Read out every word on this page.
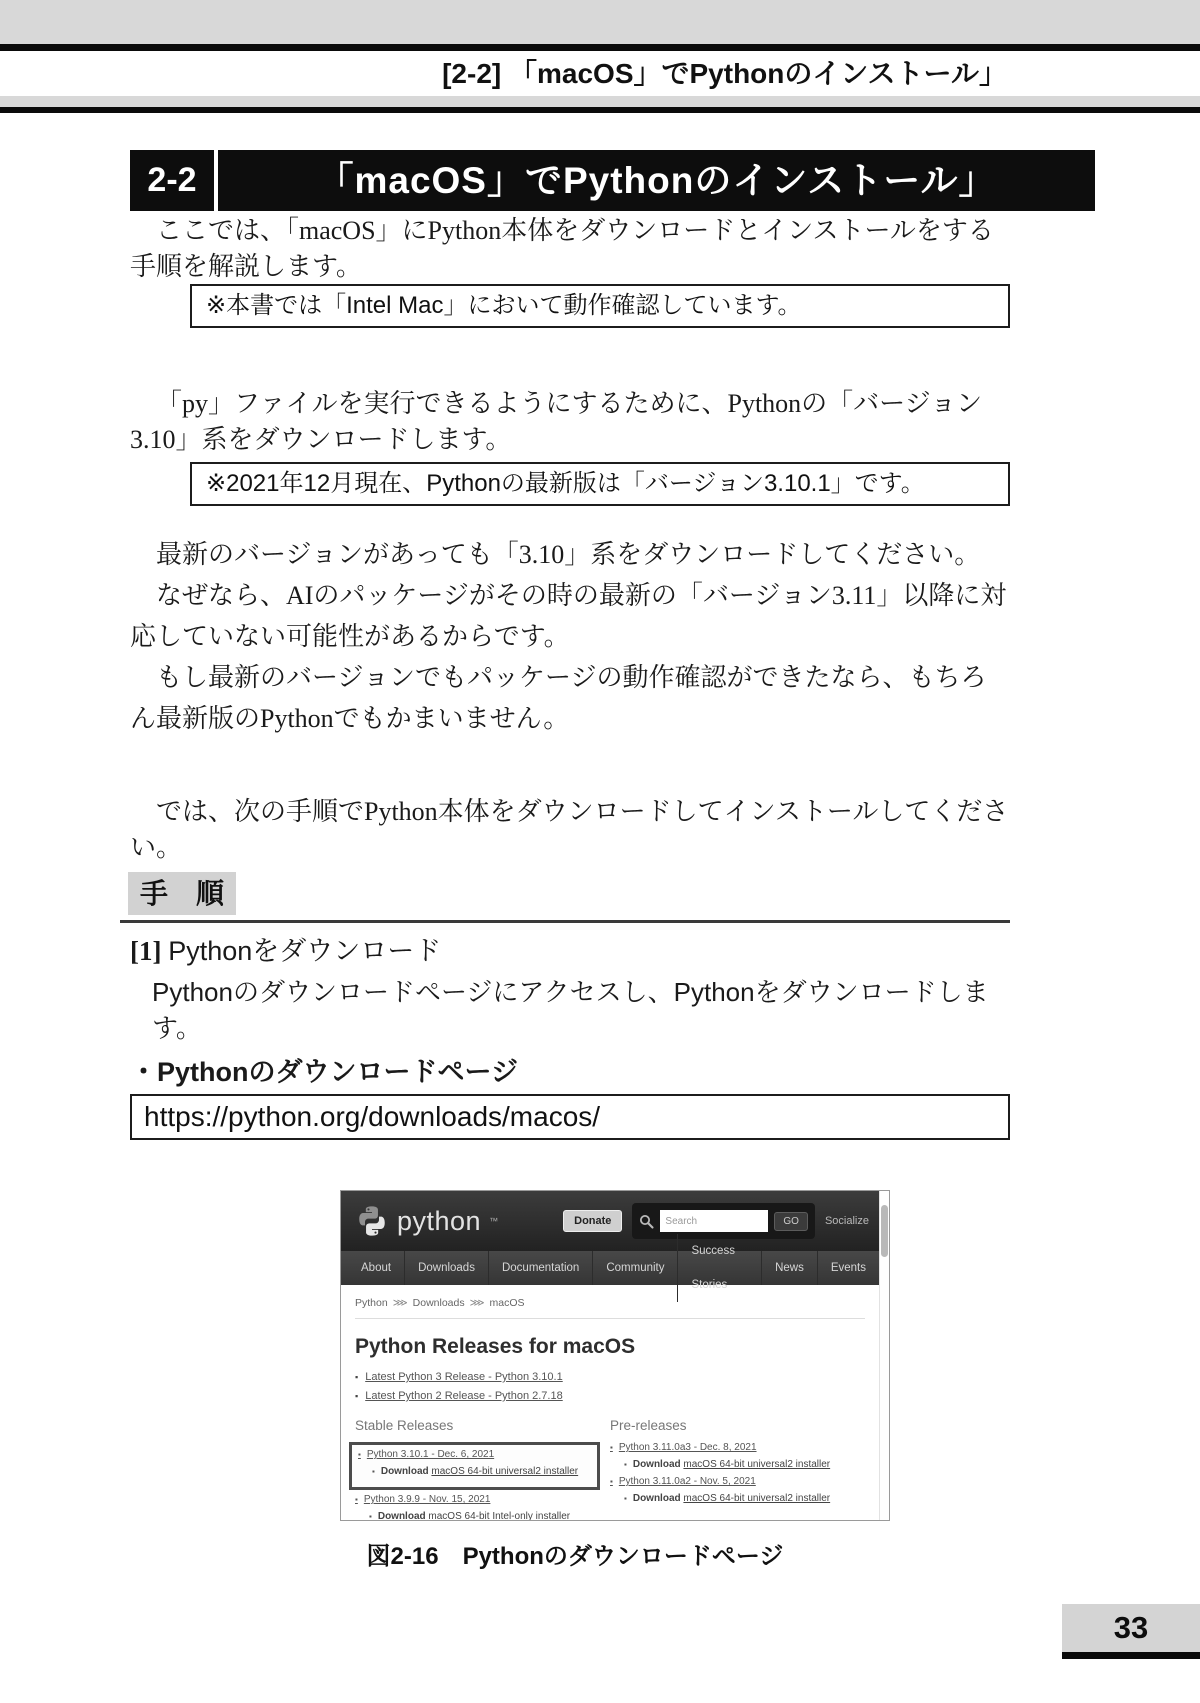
[2-2] 「macOS」でPythonのインストール」
2-2	「macOS」でPythonのインストール」
ここでは、「macOS」にPython本体をダウンロードとインストールをする手順を解説します。
※本書では「Intel Mac」において動作確認しています。
「py」ファイルを実行できるようにするために、Pythonの「バージョン3.10」系をダウンロードします。
※2021年12月現在、Pythonの最新版は「バージョン3.10.1」です。

最新のバージョンがあっても「3.10」系をダウンロードしてください。

なぜなら、AIのパッケージがその時の最新の「バージョン3.11」以降に対応していない可能性があるからです。

もし最新のバージョンでもパッケージの動作確認ができたなら、もちろん最新版のPythonでもかまいません。

では、次の手順でPython本体をダウンロードしてインストールしてください。
手　順
[1] Pythonをダウンロード
Pythonのダウンロードページにアクセスし、Pythonをダウンロードします。
・Pythonのダウンロードページ
https://python.org/downloads/macos/
python ™	Donate
Search	GO	Socialize
About	Downloads	Documentation	Community
Success Stories
News	Events
Python ⋙ Downloads ⋙ macOS
Python Releases for macOS
▪ Latest Python 3 Release - Python 3.10.1
▪ Latest Python 2 Release - Python 2.7.18
Stable Releases
▪ Python 3.10.1 - Dec. 6, 2021
▪ Download macOS 64-bit universal2 installer
▪ Python 3.9.9 - Nov. 15, 2021
▪ Download macOS 64-bit Intel-only installer
Pre-releases
▪ Python 3.11.0a3 - Dec. 8, 2021
▪ Download macOS 64-bit universal2 installer
▪ Python 3.11.0a2 - Nov. 5, 2021
▪ Download macOS 64-bit universal2 installer
図2-16　Pythonのダウンロードページ
33
